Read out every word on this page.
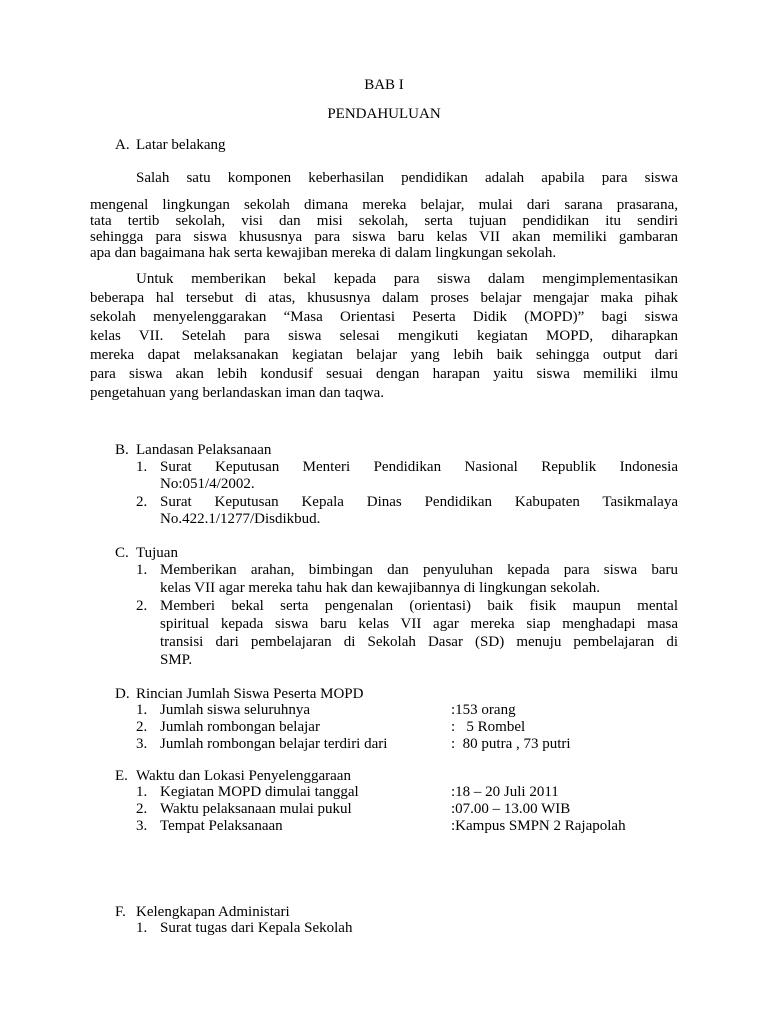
BAB I
PENDAHULUAN
A. Latar belakang
Salah satu komponen keberhasilan pendidikan adalah apabila para siswa
mengenal lingkungan sekolah dimana mereka belajar, mulai dari sarana prasarana,
tata tertib sekolah, visi dan misi sekolah, serta tujuan pendidikan itu sendiri
sehingga para siswa khususnya para siswa baru kelas VII akan memiliki gambaran
apa dan bagaimana hak serta kewajiban mereka di dalam lingkungan sekolah.
Untuk memberikan bekal kepada para siswa dalam mengimplementasikan
beberapa hal tersebut di atas, khususnya dalam proses belajar mengajar maka pihak
sekolah menyelenggarakan “Masa Orientasi Peserta Didik (MOPD)” bagi siswa
kelas VII. Setelah para siswa selesai mengikuti kegiatan MOPD, diharapkan
mereka dapat melaksanakan kegiatan belajar yang lebih baik sehingga output dari
para siswa akan lebih kondusif sesuai dengan harapan yaitu siswa memiliki ilmu
pengetahuan yang berlandaskan iman dan taqwa.
B. Landasan Pelaksanaan
1. Surat Keputusan Menteri Pendidikan Nasional Republik Indonesia
No:051/4/2002.
2. Surat Keputusan Kepala Dinas Pendidikan Kabupaten Tasikmalaya
No.422.1/1277/Disdikbud.
C. Tujuan
1. Memberikan arahan, bimbingan dan penyuluhan kepada para siswa baru
kelas VII agar mereka tahu hak dan kewajibannya di lingkungan sekolah.
2. Memberi bekal serta pengenalan (orientasi) baik fisik maupun mental
spiritual kepada siswa baru kelas VII agar mereka siap menghadapi masa
transisi dari pembelajaran di Sekolah Dasar (SD) menuju pembelajaran di
SMP.
D. Rincian Jumlah Siswa Peserta MOPD
1. Jumlah siswa seluruhnya	:153 orang
2. Jumlah rombongan belajar	:   5 Rombel
3. Jumlah rombongan belajar terdiri dari	:  80 putra , 73 putri
E. Waktu dan Lokasi Penyelenggaraan
1. Kegiatan MOPD dimulai tanggal	:18 – 20 Juli 2011
2. Waktu pelaksanaan mulai pukul	:07.00 – 13.00 WIB
3. Tempat Pelaksanaan	:Kampus SMPN 2 Rajapolah
F. Kelengkapan Administari
1. Surat tugas dari Kepala Sekolah
